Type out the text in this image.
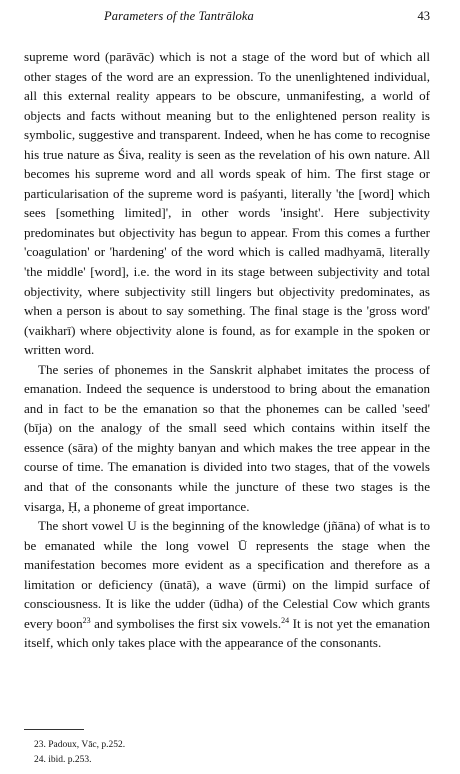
Parameters of the Tantrāloka	43

supreme word (parāvāc) which is not a stage of the word but of which all other stages of the word are an expression. To the unenlightened individual, all this external reality appears to be obscure, unmanifesting, a world of objects and facts without meaning but to the enlightened person reality is symbolic, suggestive and transparent. Indeed, when he has come to recognise his true nature as Śiva, reality is seen as the revelation of his own nature. All becomes his supreme word and all words speak of him. The first stage or particularisation of the supreme word is paśyanti, literally 'the [word] which sees [something limited]', in other words 'insight'. Here subjectivity predominates but objectivity has begun to appear. From this comes a further 'coagulation' or 'hardening' of the word which is called madhyamā, literally 'the middle' [word], i.e. the word in its stage between subjectivity and total objectivity, where subjectivity still lingers but objectivity predominates, as when a person is about to say something. The final stage is the 'gross word' (vaikharī) where objectivity alone is found, as for example in the spoken or written word.

The series of phonemes in the Sanskrit alphabet imitates the process of emanation. Indeed the sequence is understood to bring about the emanation and in fact to be the emanation so that the phonemes can be called 'seed' (bīja) on the analogy of the small seed which contains within itself the essence (sāra) of the mighty banyan and which makes the tree appear in the course of time. The emanation is divided into two stages, that of the vowels and that of the consonants while the juncture of these two stages is the visarga, Ḥ, a phoneme of great importance.

The short vowel U is the beginning of the knowledge (jñāna) of what is to be emanated while the long vowel Ū represents the stage when the manifestation becomes more evident as a specification and therefore as a limitation or deficiency (ūnatā), a wave (ūrmi) on the limpid surface of consciousness. It is like the udder (ūdha) of the Celestial Cow which grants every boon$^{23}$ and symbolises the first six vowels.$^{24}$ It is not yet the emanation itself, which only takes place with the appearance of the consonants.

23. Padoux, Vāc, p.252.
24. ibid. p.253.
